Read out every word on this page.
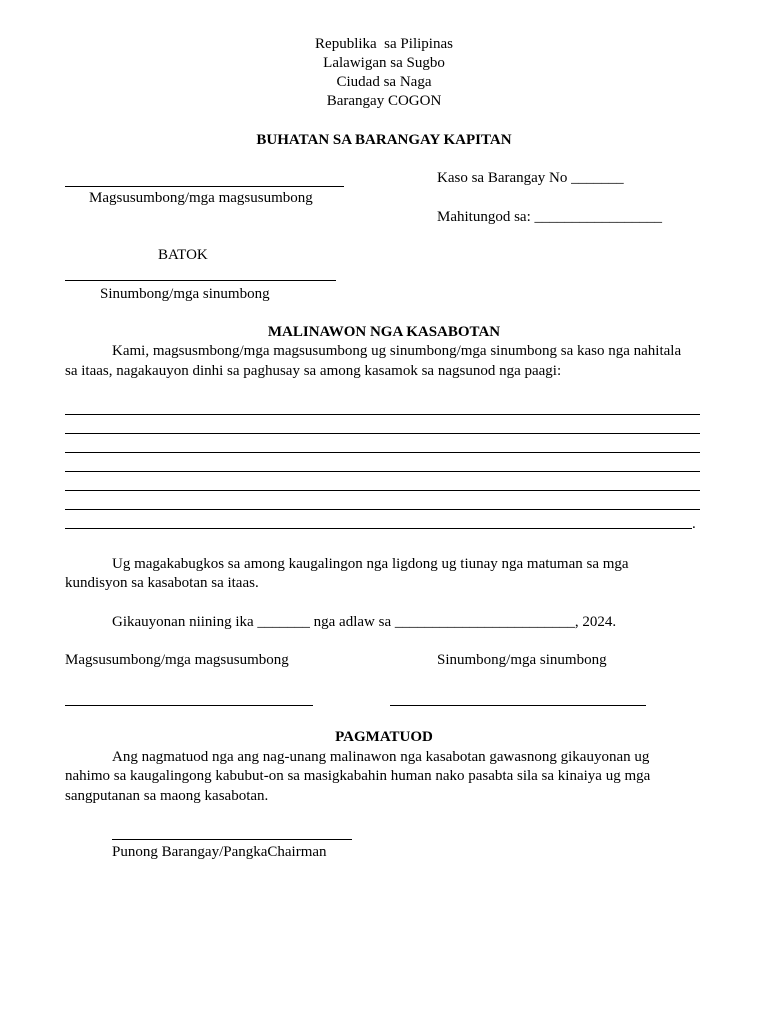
Republika  sa Pilipinas
Lalawigan sa Sugbo
Ciudad sa Naga
Barangay COGON
BUHATAN SA BARANGAY KAPITAN
Kaso sa Barangay No _______
Magsusumbong/mga magsusumbong
Mahitungod sa: _________________
BATOK
Sinumbong/mga sinumbong
MALINAWON NGA KASABOTAN
Kami, magsusmbong/mga magsusumbong ug sinumbong/mga sinumbong sa kaso nga nahitala
sa itaas, nagakauyon dinhi sa paghusay sa among kasamok sa nagsunod nga paagi:
.
Ug magakabugkos sa among kaugalingon nga ligdong ug tiunay nga matuman sa mga
kundisyon sa kasabotan sa itaas.
Gikauyonan niining ika _______ nga adlaw sa ________________________, 2024.
Magsusumbong/mga magsusumbong	Sinumbong/mga sinumbong
PAGMATUOD
Ang nagmatuod nga ang nag-unang malinawon nga kasabotan gawasnong gikauyonan ug
nahimo sa kaugalingong kabubut-on sa masigkabahin human nako pasabta sila sa kinaiya ug mga
sangputanan sa maong kasabotan.
Punong Barangay/PangkaChairman
